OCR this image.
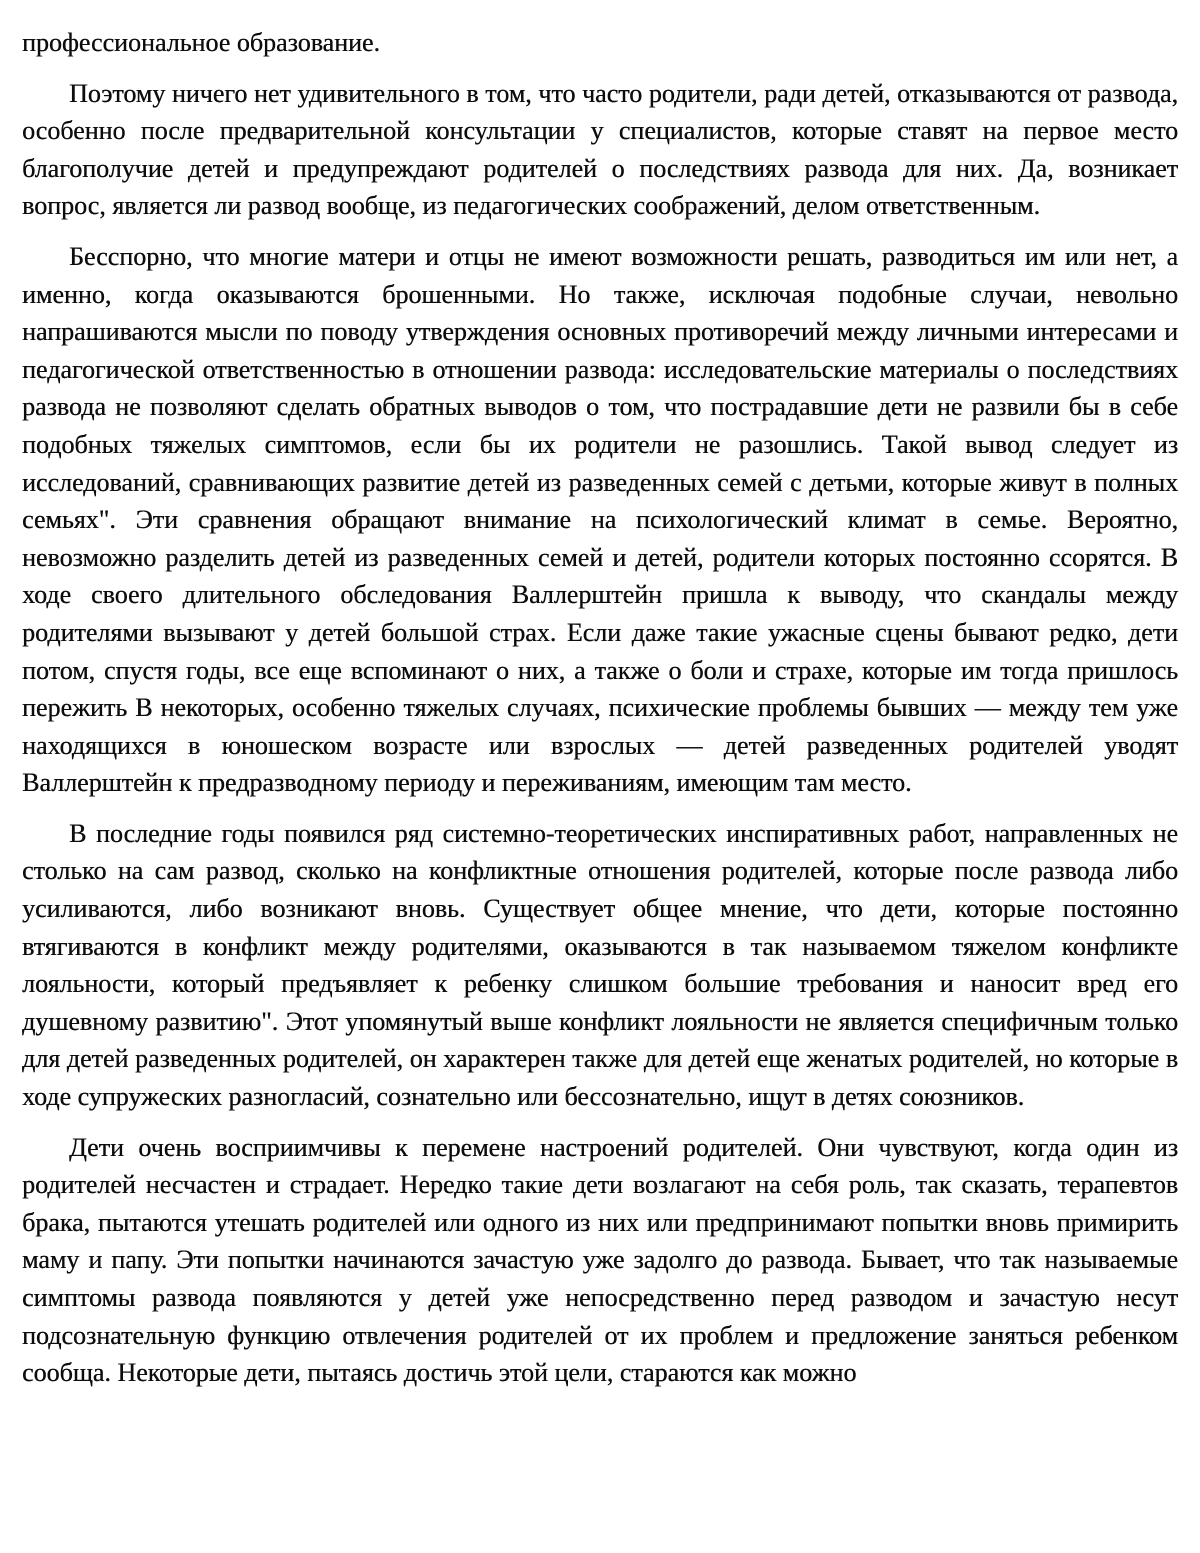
профессиональное образование.

Поэтому ничего нет удивительного в том, что часто родители, ради детей, отказываются от развода, особенно после предварительной консультации у специалистов, которые ставят на первое место благополучие детей и предупреждают родителей о последствиях развода для них. Да, возникает вопрос, является ли развод вообще, из педагогических соображений, делом ответственным.

Бесспорно, что многие матери и отцы не имеют возможности решать, разводиться им или нет, а именно, когда оказываются брошенными. Но также, исключая подобные случаи, невольно напрашиваются мысли по поводу утверждения основных противоречий между личными интересами и педагогической ответственностью в отношении развода: исследовательские материалы о последствиях развода не позволяют сделать обратных выводов о том, что пострадавшие дети не развили бы в себе подобных тяжелых симптомов, если бы их родители не разошлись. Такой вывод следует из исследований, сравнивающих развитие детей из разведенных семей с детьми, которые живут в полных семьях". Эти сравнения обращают внимание на психологический климат в семье. Вероятно, невозможно разделить детей из разведенных семей и детей, родители которых постоянно ссорятся. В ходе своего длительного обследования Валлерштейн пришла к выводу, что скандалы между родителями вызывают у детей большой страх. Если даже такие ужасные сцены бывают редко, дети потом, спустя годы, все еще вспоминают о них, а также о боли и страхе, которые им тогда пришлось пережить В некоторых, особенно тяжелых случаях, психические проблемы бывших — между тем уже находящихся в юношеском возрасте или взрослых — детей разведенных родителей уводят Валлерштейн к предразводному периоду и переживаниям, имеющим там место.

В последние годы появился ряд системно-теоретических инспиративных работ, направленных не столько на сам развод, сколько на конфликтные отношения родителей, которые после развода либо усиливаются, либо возникают вновь. Существует общее мнение, что дети, которые постоянно втягиваются в конфликт между родителями, оказываются в так называемом тяжелом конфликте лояльности, который предъявляет к ребенку слишком большие требования и наносит вред его душевному развитию". Этот упомянутый выше конфликт лояльности не является специфичным только для детей разведенных родителей, он характерен также для детей еще женатых родителей, но которые в ходе супружеских разногласий, сознательно или бессознательно, ищут в детях союзников.

Дети очень восприимчивы к перемене настроений родителей. Они чувствуют, когда один из родителей несчастен и страдает. Нередко такие дети возлагают на себя роль, так сказать, терапевтов брака, пытаются утешать родителей или одного из них или предпринимают попытки вновь примирить маму и папу. Эти попытки начинаются зачастую уже задолго до развода. Бывает, что так называемые симптомы развода появляются у детей уже непосредственно перед разводом и зачастую несут подсознательную функцию отвлечения родителей от их проблем и предложение заняться ребенком сообща. Некоторые дети, пытаясь достичь этой цели, стараются как можно
